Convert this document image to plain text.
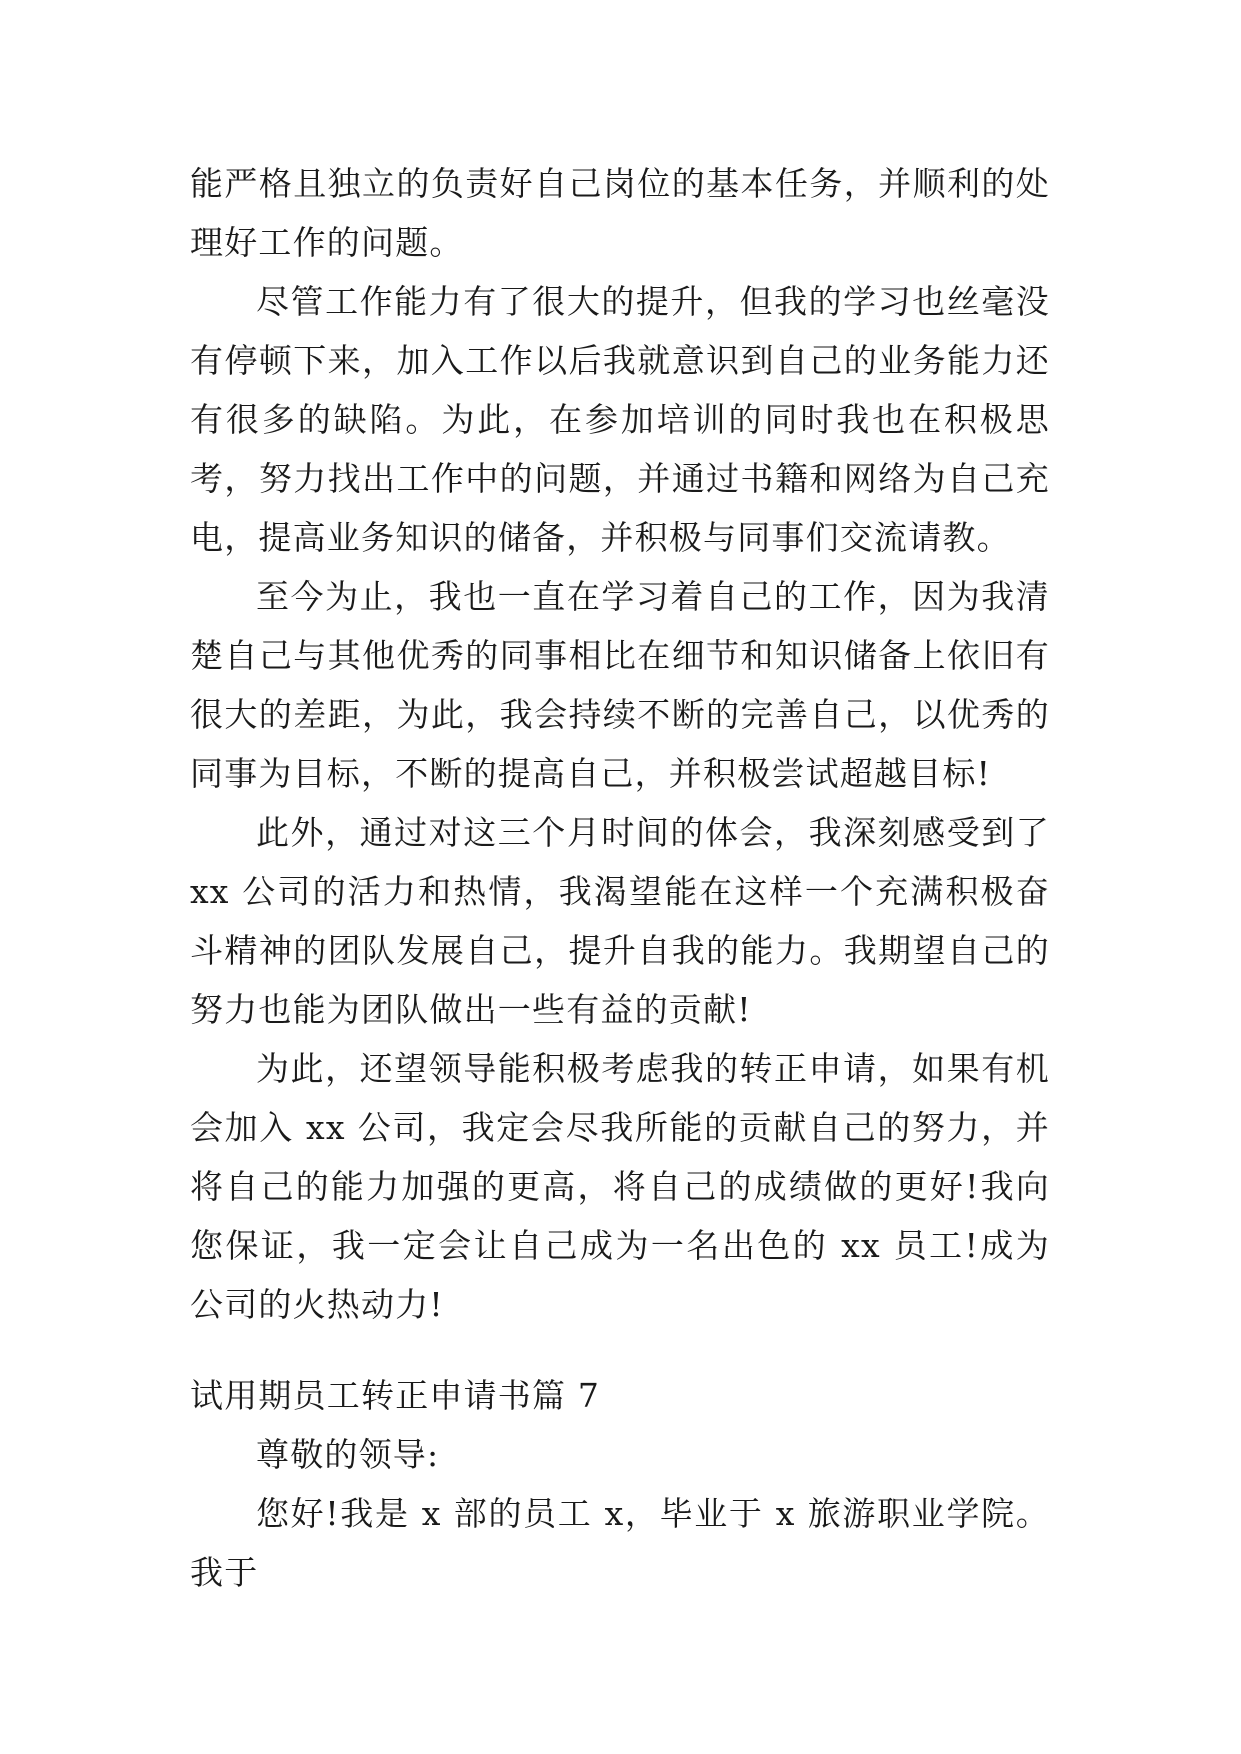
能严格且独立的负责好自己岗位的基本任务，并顺利的处理好工作的问题。

尽管工作能力有了很大的提升，但我的学习也丝毫没有停顿下来，加入工作以后我就意识到自己的业务能力还有很多的缺陷。为此，在参加培训的同时我也在积极思考，努力找出工作中的问题，并通过书籍和网络为自己充电，提高业务知识的储备，并积极与同事们交流请教。

至今为止，我也一直在学习着自己的工作，因为我清楚自己与其他优秀的同事相比在细节和知识储备上依旧有很大的差距，为此，我会持续不断的完善自己，以优秀的同事为目标，不断的提高自己，并积极尝试超越目标!

此外，通过对这三个月时间的体会，我深刻感受到了 xx 公司的活力和热情，我渴望能在这样一个充满积极奋斗精神的团队发展自己，提升自我的能力。我期望自己的努力也能为团队做出一些有益的贡献!

为此，还望领导能积极考虑我的转正申请，如果有机会加入 xx 公司，我定会尽我所能的贡献自己的努力，并将自己的能力加强的更高，将自己的成绩做的更好!我向您保证，我一定会让自己成为一名出色的 xx 员工!成为公司的火热动力!

试用期员工转正申请书篇 7

尊敬的领导:

您好!我是 x 部的员工 x，毕业于 x 旅游职业学院。我于
